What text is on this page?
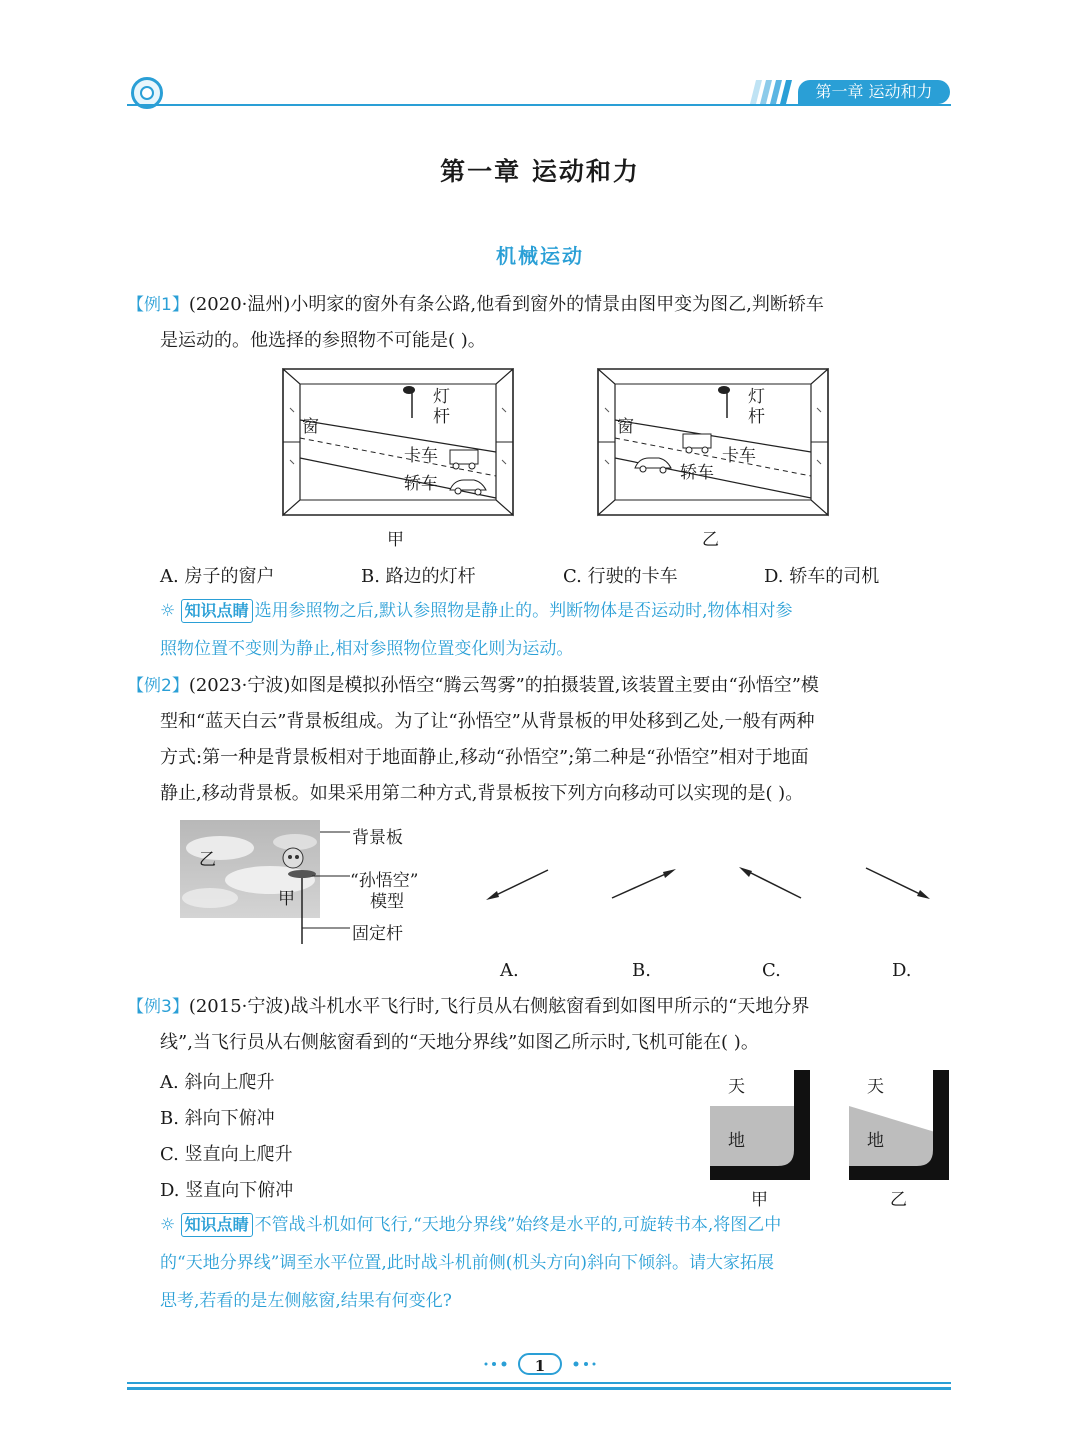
第一章 运动和力
第一章 运动和力
机械运动
【例1】(2020·温州)小明家的窗外有条公路,他看到窗外的情景由图甲变为图乙,判断轿车
是运动的。他选择的参照物不可能是( )。
灯
杆
窗
卡车
轿车
甲
灯
杆
窗
卡车
轿车
乙
A. 房子的窗户	B. 路边的灯杆	C. 行驶的卡车	D. 轿车的司机
☼ 知识点睛 选用参照物之后,默认参照物是静止的。判断物体是否运动时,物体相对参
照物位置不变则为静止,相对参照物位置变化则为运动。
【例2】(2023·宁波)如图是模拟孙悟空“腾云驾雾”的拍摄装置,该装置主要由“孙悟空”模
型和“蓝天白云”背景板组成。为了让“孙悟空”从背景板的甲处移到乙处,一般有两种
方式:第一种是背景板相对于地面静止,移动“孙悟空”;第二种是“孙悟空”相对于地面
静止,移动背景板。如果采用第二种方式,背景板按下列方向移动可以实现的是( )。
乙
甲
背景板
“孙悟空”
模型
固定杆
A.	B.	C.	D.
【例3】(2015·宁波)战斗机水平飞行时,飞行员从右侧舷窗看到如图甲所示的“天地分界
线”,当飞行员从右侧舷窗看到的“天地分界线”如图乙所示时,飞机可能在( )。
A. 斜向上爬升
B. 斜向下俯冲
C. 竖直向上爬升
D. 竖直向下俯冲
天
地
甲
天
地
乙
☼ 知识点睛 不管战斗机如何飞行,“天地分界线”始终是水平的,可旋转书本,将图乙中
的“天地分界线”调至水平位置,此时战斗机前侧(机头方向)斜向下倾斜。请大家拓展
思考,若看的是左侧舷窗,结果有何变化?
1
